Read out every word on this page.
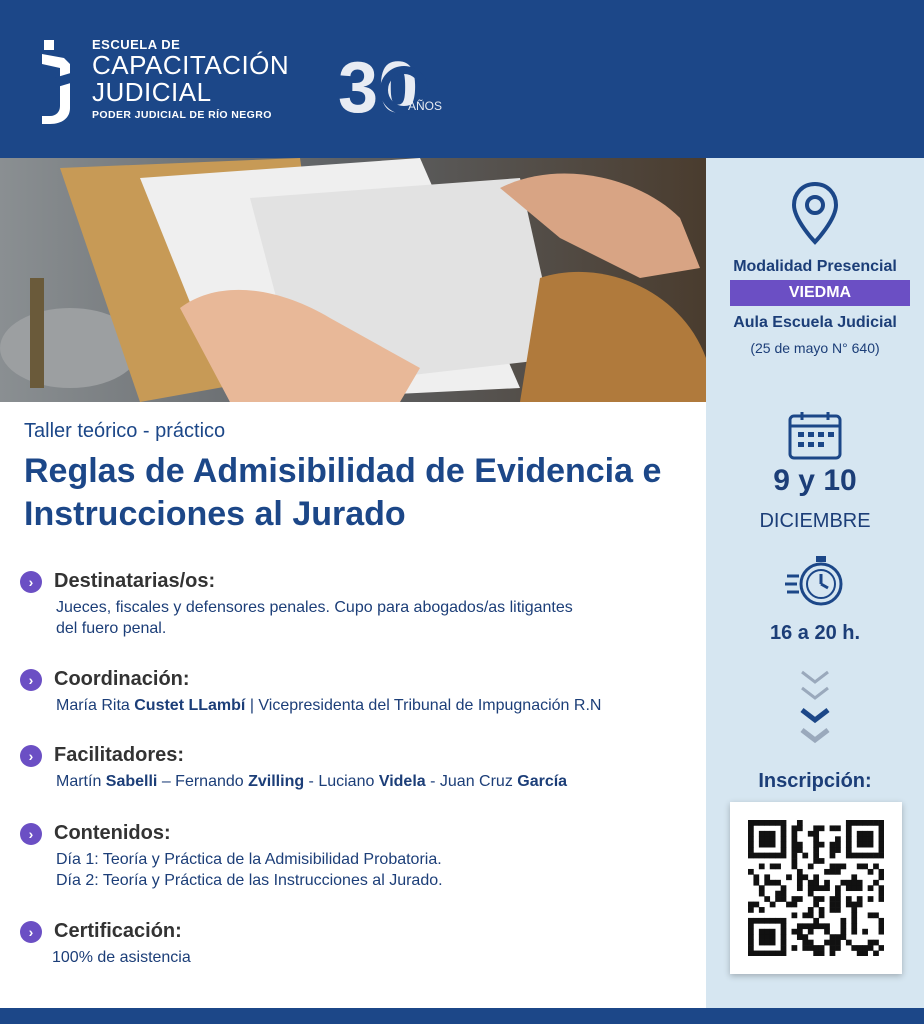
ESCUELA DE
CAPACITACIÓN
JUDICIAL
PODER JUDICIAL DE RÍO NEGRO 30
AÑOS
Modalidad Presencial
VIEDMA
Aula Escuela Judicial
(25 de mayo N° 640)
9 y 10
DICIEMBRE
16 a 20 h.
Inscripción:
Taller teórico - práctico
Reglas de Admisibilidad de Evidencia e Instrucciones al Jurado
›	Destinatarias/os:
Jueces, fiscales y defensores penales. Cupo para abogados/as litigantes
del fuero penal.
›	Coordinación:
María Rita Custet LLambí | Vicepresidenta del Tribunal de Impugnación R.N
›	Facilitadores:
Martín Sabelli – Fernando Zvilling - Luciano Videla - Juan Cruz García
›	Contenidos:
Día 1: Teoría y Práctica de la Admisibilidad Probatoria.
Día 2: Teoría y Práctica de las Instrucciones al Jurado.
›	Certificación:
100% de asistencia
